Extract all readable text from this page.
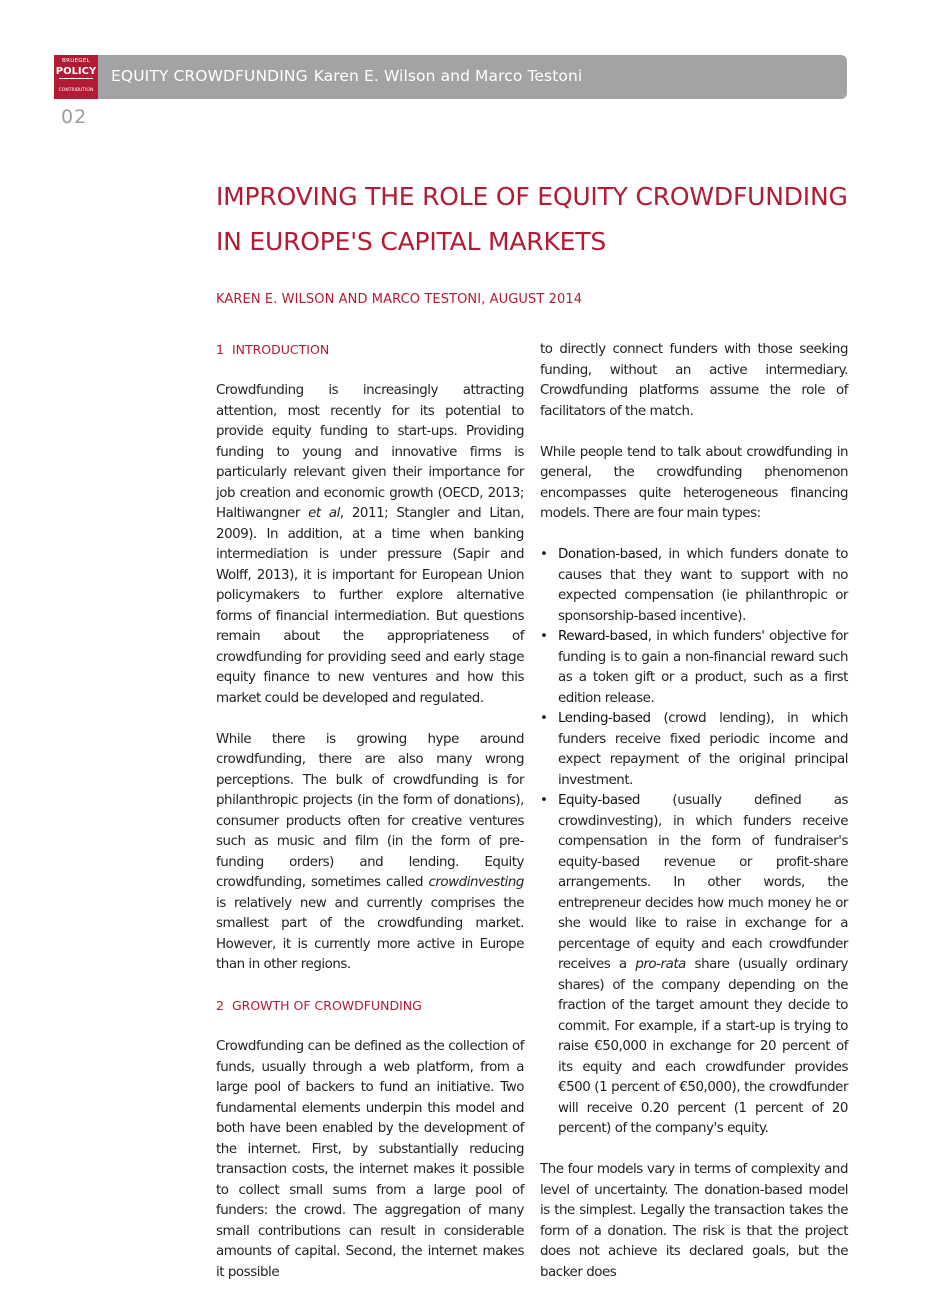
BRUEGEL
POLICY
CONTRIBUTION
EQUITY CROWDFUNDING Karen E. Wilson and Marco Testoni
02
IMPROVING THE ROLE OF EQUITY CROWDFUNDING IN EUROPE'S CAPITAL MARKETS
KAREN E. WILSON AND MARCO TESTONI, AUGUST 2014
1 INTRODUCTION

Crowdfunding is increasingly attracting attention, most recently for its potential to provide equity funding to start-ups. Providing funding to young and innovative firms is particularly relevant given their importance for job creation and economic growth (OECD, 2013; Haltiwangner et al, 2011; Stangler and Litan, 2009). In addition, at a time when banking intermediation is under pressure (Sapir and Wolff, 2013), it is important for European Union policymakers to further explore alternative forms of financial intermediation. But questions remain about the appropriateness of crowdfunding for providing seed and early stage equity finance to new ventures and how this market could be developed and regulated.

While there is growing hype around crowdfunding, there are also many wrong perceptions. The bulk of crowdfunding is for philanthropic projects (in the form of donations), consumer products often for creative ventures such as music and film (in the form of pre-funding orders) and lending. Equity crowdfunding, sometimes called crowdinvesting is relatively new and currently comprises the smallest part of the crowdfunding market. However, it is currently more active in Europe than in other regions.

2 GROWTH OF CROWDFUNDING

Crowdfunding can be defined as the collection of funds, usually through a web platform, from a large pool of backers to fund an initiative. Two fundamental elements underpin this model and both have been enabled by the development of the internet. First, by substantially reducing transaction costs, the internet makes it possible to collect small sums from a large pool of funders: the crowd. The aggregation of many small contributions can result in considerable amounts of capital. Second, the internet makes it possible

to directly connect funders with those seeking funding, without an active intermediary. Crowdfunding platforms assume the role of facilitators of the match.

While people tend to talk about crowdfunding in general, the crowdfunding phenomenon encompasses quite heterogeneous financing models. There are four main types:

• Donation-based, in which funders donate to causes that they want to support with no expected compensation (ie philanthropic or sponsorship-based incentive).
• Reward-based, in which funders' objective for funding is to gain a non-financial reward such as a token gift or a product, such as a first edition release.
• Lending-based (crowd lending), in which funders receive fixed periodic income and expect repayment of the original principal investment.
• Equity-based (usually defined as crowdinvesting), in which funders receive compensation in the form of fundraiser's equity-based revenue or profit-share arrangements. In other words, the entrepreneur decides how much money he or she would like to raise in exchange for a percentage of equity and each crowdfunder receives a pro-rata share (usually ordinary shares) of the company depending on the fraction of the target amount they decide to commit. For example, if a start-up is trying to raise €50,000 in exchange for 20 percent of its equity and each crowdfunder provides €500 (1 percent of €50,000), the crowdfunder will receive 0.20 percent (1 percent of 20 percent) of the company's equity.

The four models vary in terms of complexity and level of uncertainty. The donation-based model is the simplest. Legally the transaction takes the form of a donation. The risk is that the project does not achieve its declared goals, but the backer does
